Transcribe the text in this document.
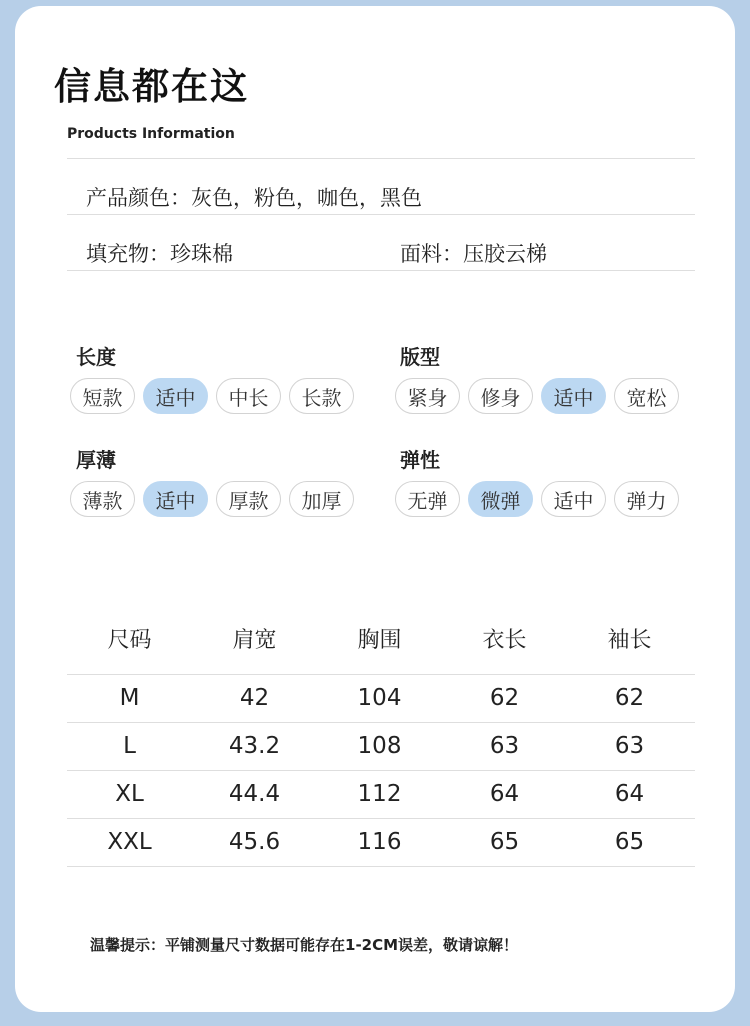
信息都在这
Products Information
产品颜色：灰色，粉色，咖色，黑色
填充物：珍珠棉	面料：压胶云梯
长度
短款	适中	中长	长款
版型
紧身	修身	适中	宽松
厚薄
薄款	适中	厚款	加厚
弹性
无弹	微弹	适中	弹力
尺码	肩宽	胸围	衣长	袖长
M	42	104	62	62
L	43.2	108	63	63
XL	44.4	112	64	64
XXL	45.6	116	65	65
温馨提示：平铺测量尺寸数据可能存在1-2CM误差，敬请谅解！
